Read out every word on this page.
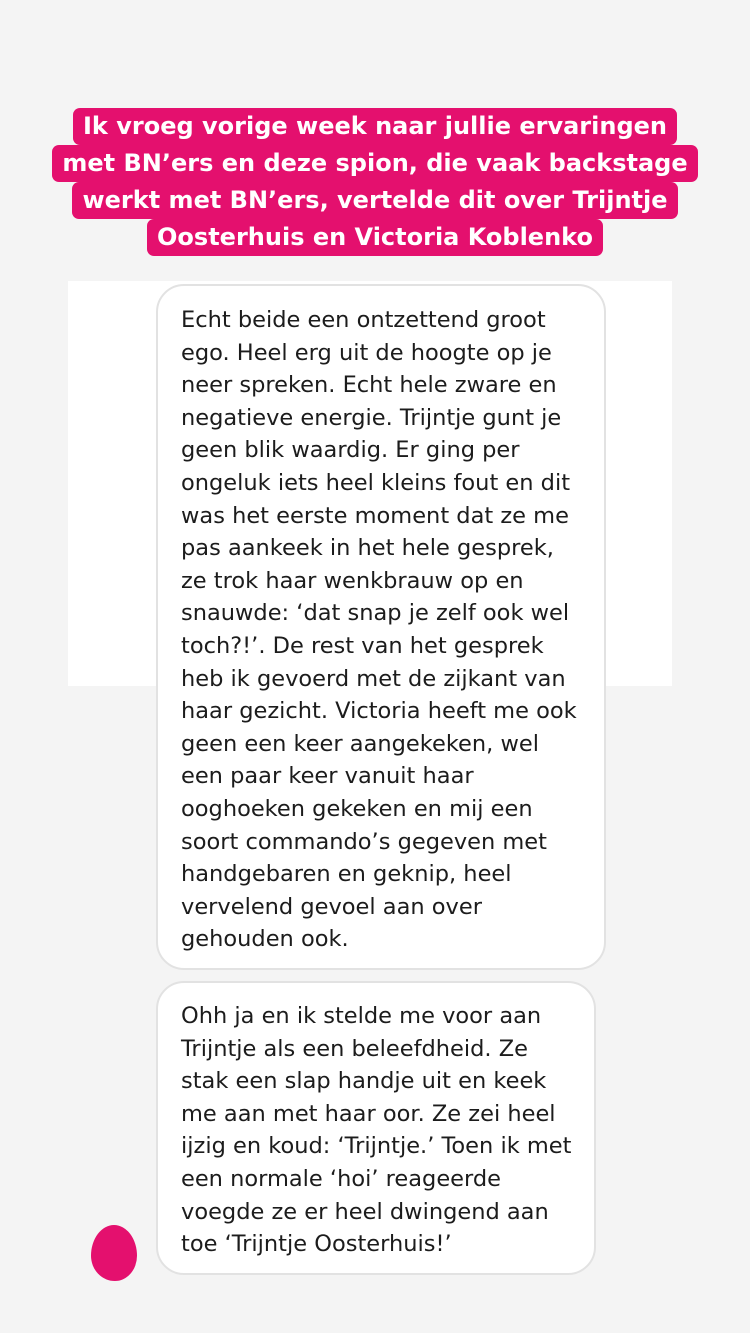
Ik vroeg vorige week naar jullie ervaringen
met BN’ers en deze spion, die vaak backstage
werkt met BN’ers, vertelde dit over Trijntje
Oosterhuis en Victoria Koblenko
Echt beide een ontzettend groot
ego. Heel erg uit de hoogte op je
neer spreken. Echt hele zware en
negatieve energie. Trijntje gunt je
geen blik waardig. Er ging per
ongeluk iets heel kleins fout en dit
was het eerste moment dat ze me
pas aankeek in het hele gesprek,
ze trok haar wenkbrauw op en
snauwde: ‘dat snap je zelf ook wel
toch?!’. De rest van het gesprek
heb ik gevoerd met de zijkant van
haar gezicht. Victoria heeft me ook
geen een keer aangekeken, wel
een paar keer vanuit haar
ooghoeken gekeken en mij een
soort commando’s gegeven met
handgebaren en geknip, heel
vervelend gevoel aan over
gehouden ook.
Ohh ja en ik stelde me voor aan
Trijntje als een beleefdheid. Ze
stak een slap handje uit en keek
me aan met haar oor. Ze zei heel
ijzig en koud: ‘Trijntje.’ Toen ik met
een normale ‘hoi’ reageerde
voegde ze er heel dwingend aan
toe ‘Trijntje Oosterhuis!’
